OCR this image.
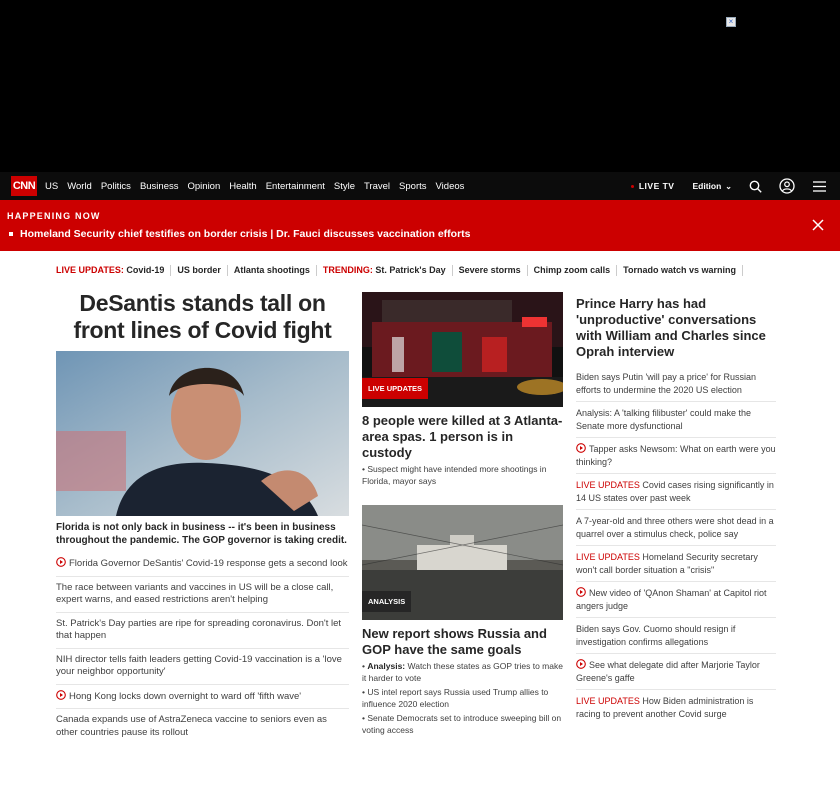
×
CNN US World Politics Business Opinion Health Entertainment Style Travel Sports Videos	LIVE TV Edition ⌄
HAPPENING NOW
Homeland Security chief testifies on border crisis | Dr. Fauci discusses vaccination efforts
LIVE UPDATES: Covid-19	US border	Atlanta shootings	TRENDING: St. Patrick's Day	Severe storms	Chimp zoom calls	Tornado watch vs warning
DeSantis stands tall on front lines of Covid fight
Florida is not only back in business -- it's been in business throughout the pandemic. The GOP governor is taking credit.
Florida Governor DeSantis' Covid-19 response gets a second look
The race between variants and vaccines in US will be a close call, expert warns, and eased restrictions aren't helping
St. Patrick's Day parties are ripe for spreading coronavirus. Don't let that happen
NIH director tells faith leaders getting Covid-19 vaccination is a 'love your neighbor opportunity'
Hong Kong locks down overnight to ward off 'fifth wave'
Canada expands use of AstraZeneca vaccine to seniors even as other countries pause its rollout
LIVE UPDATES
8 people were killed at 3 Atlanta-area spas. 1 person is in custody
• Suspect might have intended more shootings in Florida, mayor says
ANALYSIS
New report shows Russia and GOP have the same goals
• Analysis: Watch these states as GOP tries to make it harder to vote
• US intel report says Russia used Trump allies to influence 2020 election
• Senate Democrats set to introduce sweeping bill on voting access
Prince Harry has had 'unproductive' conversations with William and Charles since Oprah interview
Biden says Putin 'will pay a price' for Russian efforts to undermine the 2020 US election
Analysis: A 'talking filibuster' could make the Senate more dysfunctional
Tapper asks Newsom: What on earth were you thinking?
LIVE UPDATES Covid cases rising significantly in 14 US states over past week
A 7-year-old and three others were shot dead in a quarrel over a stimulus check, police say
LIVE UPDATES Homeland Security secretary won't call border situation a "crisis"
New video of 'QAnon Shaman' at Capitol riot angers judge
Biden says Gov. Cuomo should resign if investigation confirms allegations
See what delegate did after Marjorie Taylor Greene's gaffe
LIVE UPDATES How Biden administration is racing to prevent another Covid surge
